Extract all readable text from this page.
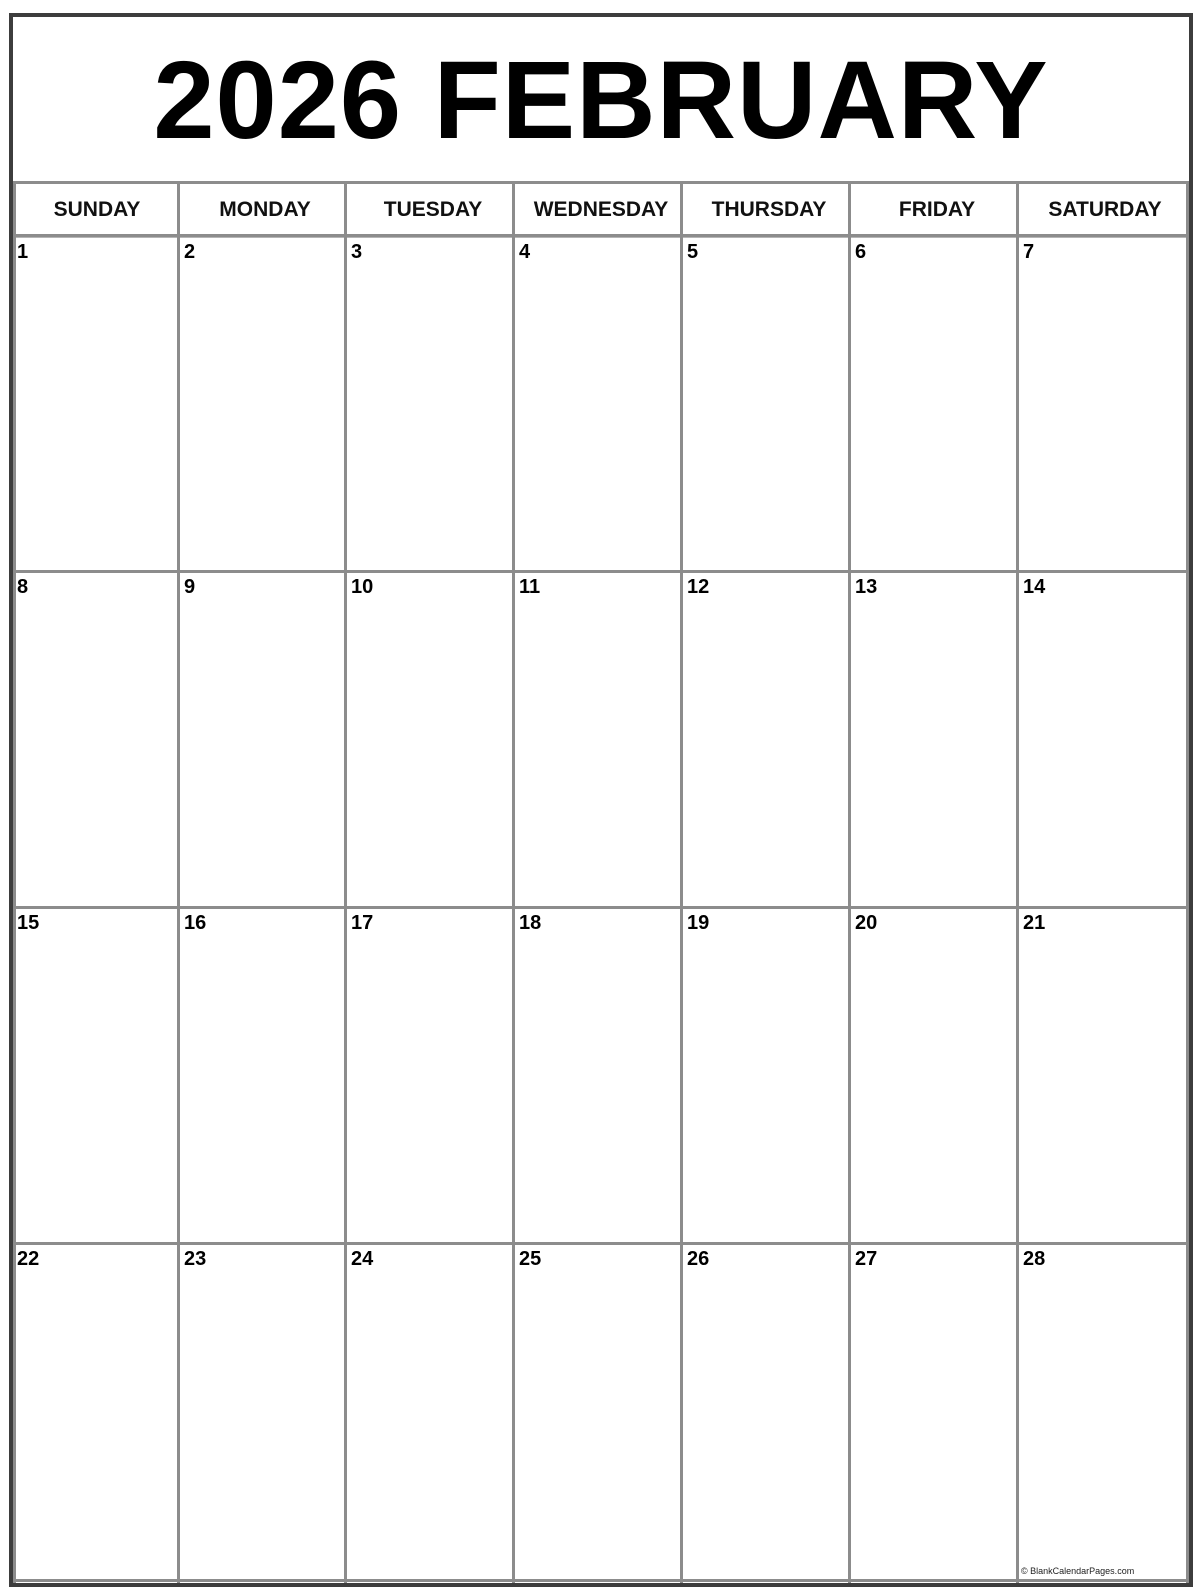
2026 FEBRUARY
SUNDAY	MONDAY	TUESDAY	WEDNESDAY	THURSDAY	FRIDAY	SATURDAY
1	2	3	4	5	6	7
8	9	10	11	12	13	14
15	16	17	18	19	20	21
22	23	24	25	26	27	28
© BlankCalendarPages.com
